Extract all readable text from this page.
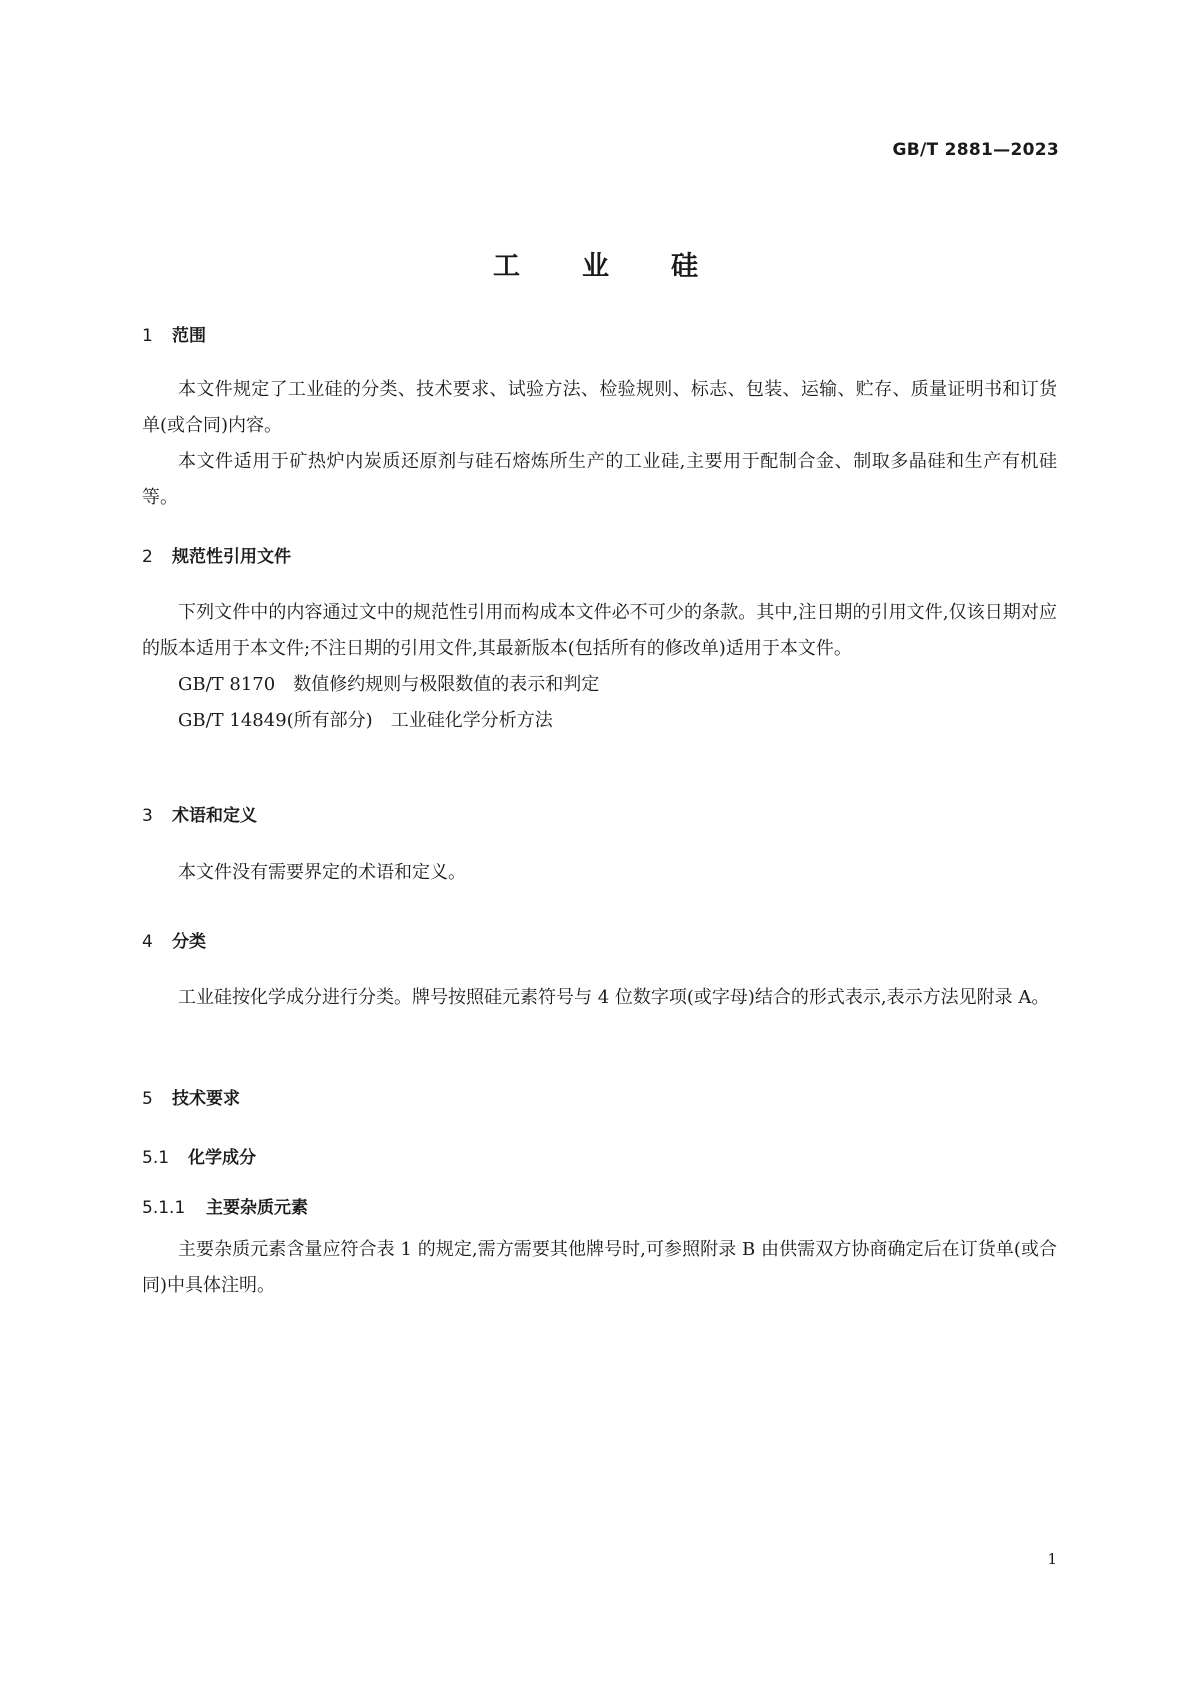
GB/T 2881—2023
工业硅
1 范围

本文件规定了工业硅的分类、技术要求、试验方法、检验规则、标志、包装、运输、贮存、质量证明书和订货单(或合同)内容。

本文件适用于矿热炉内炭质还原剂与硅石熔炼所生产的工业硅,主要用于配制合金、制取多晶硅和生产有机硅等。

2 规范性引用文件

下列文件中的内容通过文中的规范性引用而构成本文件必不可少的条款。其中,注日期的引用文件,仅该日期对应的版本适用于本文件;不注日期的引用文件,其最新版本(包括所有的修改单)适用于本文件。

GB/T 8170 数值修约规则与极限数值的表示和判定

GB/T 14849(所有部分) 工业硅化学分析方法

3 术语和定义

本文件没有需要界定的术语和定义。

4 分类

工业硅按化学成分进行分类。牌号按照硅元素符号与 4 位数字项(或字母)结合的形式表示,表示方法见附录 A。

5 技术要求
5.1 化学成分
5.1.1 主要杂质元素

主要杂质元素含量应符合表 1 的规定,需方需要其他牌号时,可参照附录 B 由供需双方协商确定后在订货单(或合同)中具体注明。

1
